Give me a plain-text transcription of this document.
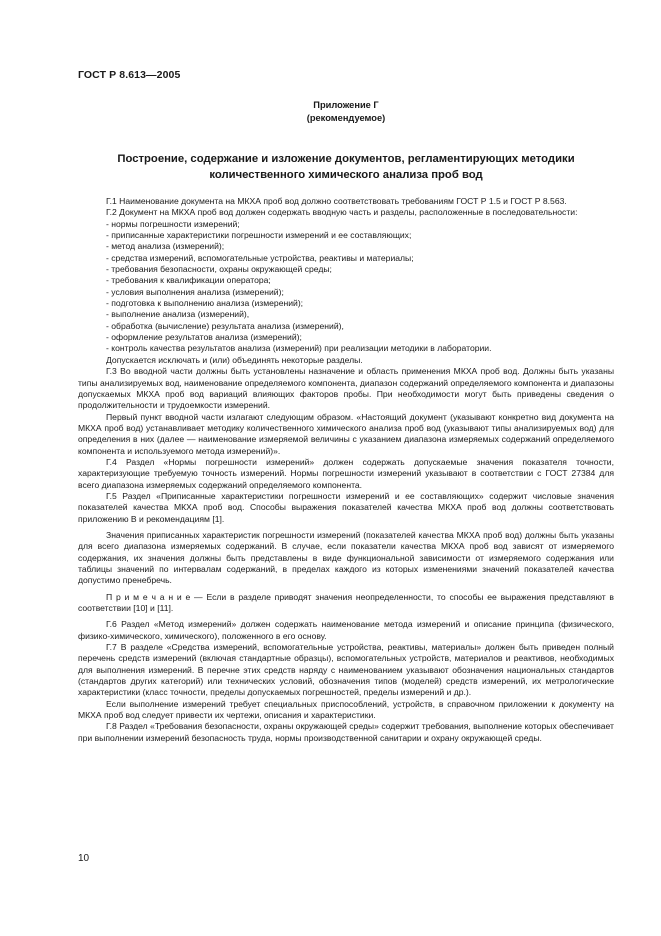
ГОСТ Р 8.613—2005
Приложение Г
(рекомендуемое)
Построение, содержание и изложение документов, регламентирующих методики
количественного химического анализа проб вод

Г.1 Наименование документа на МКХА проб вод должно соответствовать требованиям ГОСТ Р 1.5 и ГОСТ Р 8.563.

Г.2 Документ на МКХА проб вод должен содержать вводную часть и разделы, расположенные в последовательности:

- нормы погрешности измерений;

- приписанные характеристики погрешности измерений и ее составляющих;

- метод анализа (измерений);

- средства измерений, вспомогательные устройства, реактивы и материалы;

- требования безопасности, охраны окружающей среды;

- требования к квалификации оператора;

- условия выполнения анализа (измерений);

- подготовка к выполнению анализа (измерений);

- выполнение анализа (измерений),

- обработка (вычисление) результата анализа (измерений),

- оформление результатов анализа (измерений);

- контроль качества результатов анализа (измерений) при реализации методики в лаборатории.

Допускается исключать и (или) объединять некоторые разделы.

Г.3 Во вводной части должны быть установлены назначение и область применения МКХА проб вод. Должны быть указаны типы анализируемых вод, наименование определяемого компонента, диапазон содержаний определяемого компонента и диапазоны допускаемых МКХА проб вод вариаций влияющих факторов пробы. При необходимости могут быть приведены сведения о продолжительности и трудоемкости измерений.

Первый пункт вводной части излагают следующим образом. «Настоящий документ (указывают конкретно вид документа на МКХА проб вод) устанавливает методику количественного химического анализа проб вод (указывают типы анализируемых вод) для определения в них (далее — наименование измеряемой величины с указанием диапазона измеряемых содержаний определяемого компонента и используемого метода измерений)».

Г.4 Раздел «Нормы погрешности измерений» должен содержать допускаемые значения показателя точности, характеризующие требуемую точность измерений. Нормы погрешности измерений указывают в соответствии с ГОСТ 27384 для всего диапазона измеряемых содержаний определяемого компонента.

Г.5 Раздел «Приписанные характеристики погрешности измерений и ее составляющих» содержит числовые значения показателей качества МКХА проб вод. Способы выражения показателей качества МКХА проб вод должны соответствовать приложению В и рекомендациям [1].

Значения приписанных характеристик погрешности измерений (показателей качества МКХА проб вод) должны быть указаны для всего диапазона измеряемых содержаний. В случае, если показатели качества МКХА проб вод зависят от измеряемого содержания, их значения должны быть представлены в виде функциональной зависимости от измеряемого содержания или таблицы значений по интервалам содержаний, в пределах каждого из которых изменениями значений показателей качества допустимо пренебречь.

П р и м е ч а н и е — Если в разделе приводят значения неопределенности, то способы ее выражения представляют в соответствии [10] и [11].

Г.6 Раздел «Метод измерений» должен содержать наименование метода измерений и описание принципа (физического, физико-химического, химического), положенного в его основу.

Г.7 В разделе «Средства измерений, вспомогательные устройства, реактивы, материалы» должен быть приведен полный перечень средств измерений (включая стандартные образцы), вспомогательных устройств, материалов и реактивов, необходимых для выполнения измерений. В перечне этих средств наряду с наименованием указывают обозначения национальных стандартов (стандартов других категорий) или технических условий, обозначения типов (моделей) средств измерений, их метрологические характеристики (класс точности, пределы допускаемых погрешностей, пределы измерений и др.).

Если выполнение измерений требует специальных приспособлений, устройств, в справочном приложении к документу на МКХА проб вод следует привести их чертежи, описания и характеристики.

Г.8 Раздел «Требования безопасности, охраны окружающей среды» содержит требования, выполнение которых обеспечивает при выполнении измерений безопасность труда, нормы производственной санитарии и охрану окружающей среды.

10
